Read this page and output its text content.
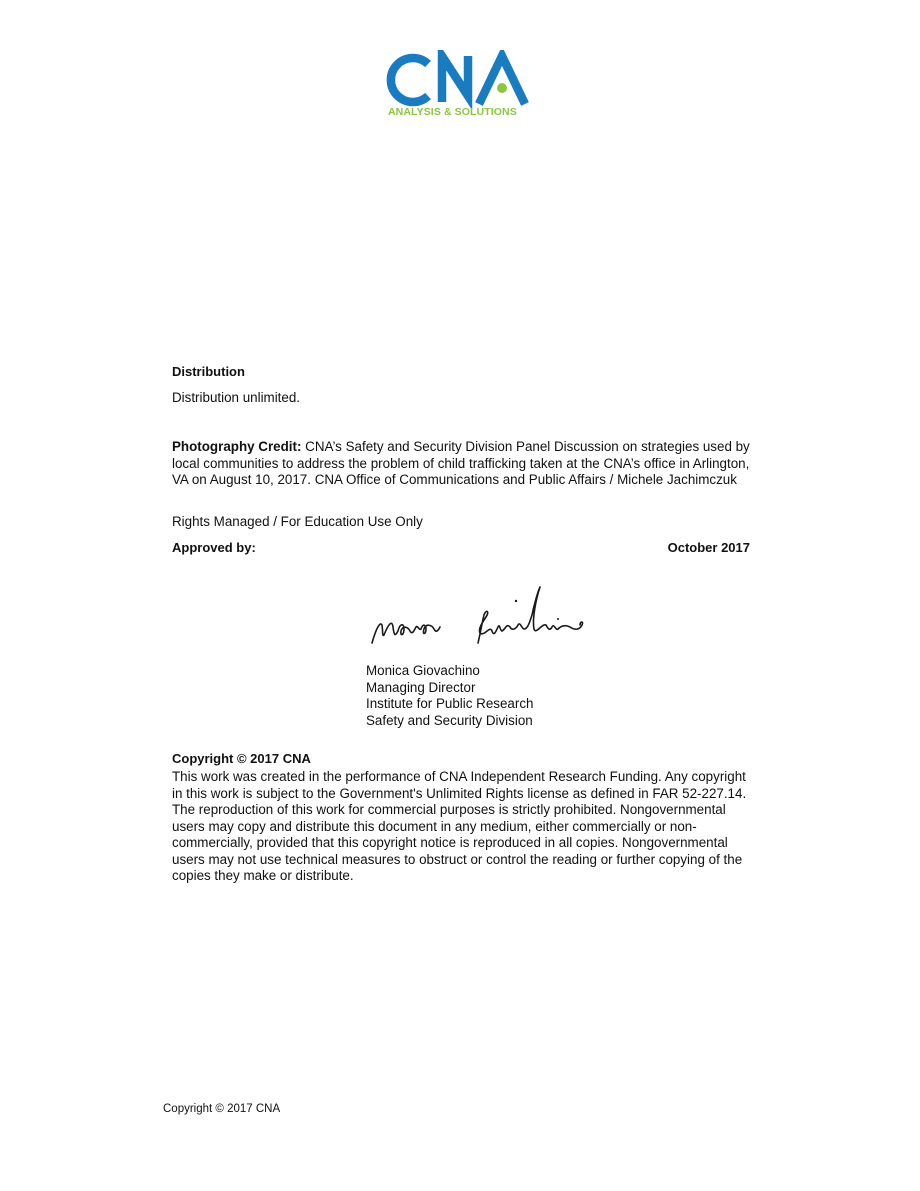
ANALYSIS & SOLUTIONS
Distribution
Distribution unlimited.
Photography Credit: CNA’s Safety and Security Division Panel Discussion on strategies used by local communities to address the problem of child trafficking taken at the CNA’s office in Arlington, VA on August 10, 2017. CNA Office of Communications and Public Affairs / Michele Jachimczuk
Rights Managed / For Education Use Only
Approved by:	October 2017
Monica Giovachino
Managing Director
Institute for Public Research
Safety and Security Division
Copyright © 2017 CNA
This work was created in the performance of CNA Independent Research Funding. Any copyright in this work is subject to the Government's Unlimited Rights license as defined in FAR 52-227.14. The reproduction of this work for commercial purposes is strictly prohibited. Nongovernmental users may copy and distribute this document in any medium, either commercially or non-commercially, provided that this copyright notice is reproduced in all copies. Nongovernmental users may not use technical measures to obstruct or control the reading or further copying of the copies they make or distribute.
Copyright © 2017 CNA
